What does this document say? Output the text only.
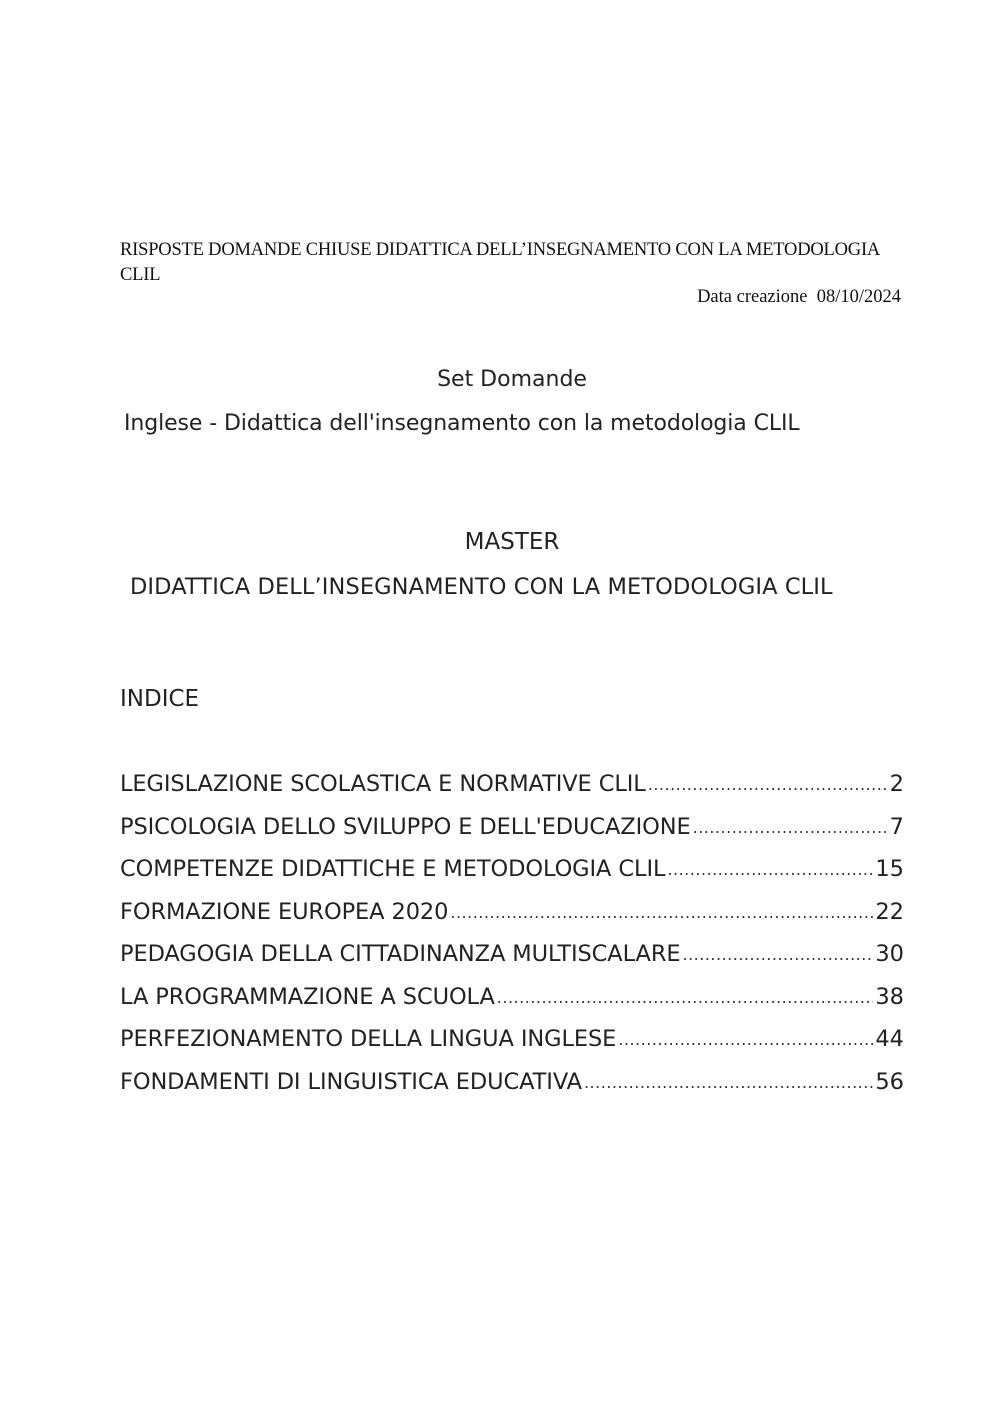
RISPOSTE DOMANDE CHIUSE DIDATTICA DELL’INSEGNAMENTO CON LA METODOLOGIA CLIL
Data creazione  08/10/2024
Set Domande
Inglese - Didattica dell'insegnamento con la metodologia CLIL
MASTER
DIDATTICA DELL’INSEGNAMENTO CON LA METODOLOGIA CLIL
INDICE
LEGISLAZIONE SCOLASTICA E NORMATIVE CLIL .....	2
PSICOLOGIA DELLO SVILUPPO E DELL'EDUCAZIONE .....	7
COMPETENZE DIDATTICHE E METODOLOGIA CLIL .....	15
FORMAZIONE EUROPEA 2020 .....	22
PEDAGOGIA DELLA CITTADINANZA MULTISCALARE .....	30
LA PROGRAMMAZIONE A SCUOLA .....	38
PERFEZIONAMENTO DELLA LINGUA INGLESE .....	44
FONDAMENTI DI LINGUISTICA EDUCATIVA .....	56
